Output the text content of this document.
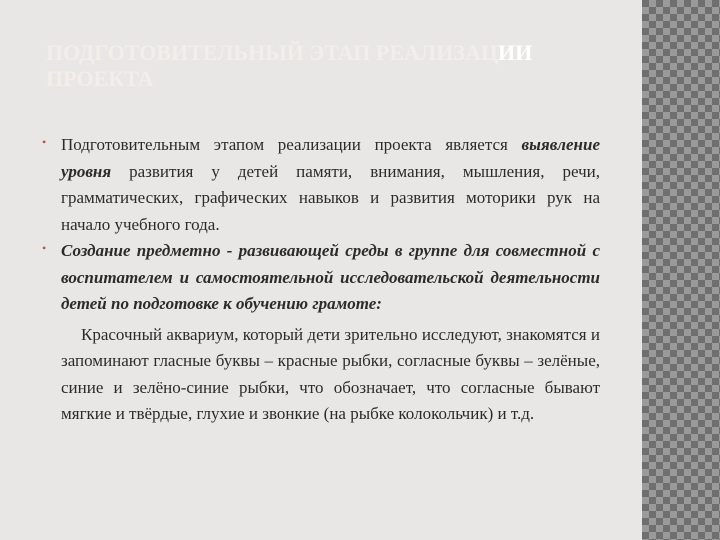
ПОДГОТОВИТЕЛЬНЫЙ ЭТАП РЕАЛИЗАЦИИ
ПРОЕКТА
• Подготовительным этапом реализации проекта является выявление уровня развития у детей памяти, внимания, мышления, речи, грамматических, графических навыков и развития моторики рук на начало учебного года.
• Создание предметно - развивающей среды в группе для совместной с воспитателем и самостоятельной исследовательской деятельности детей по подготовке к обучению грамоте:
Красочный аквариум, который дети зрительно исследуют, знакомятся и запоминают гласные буквы – красные рыбки, согласные буквы – зелёные, синие и зелёно-синие рыбки, что обозначает, что согласные бывают мягкие и твёрдые, глухие и звонкие (на рыбке колокольчик) и т.д.
